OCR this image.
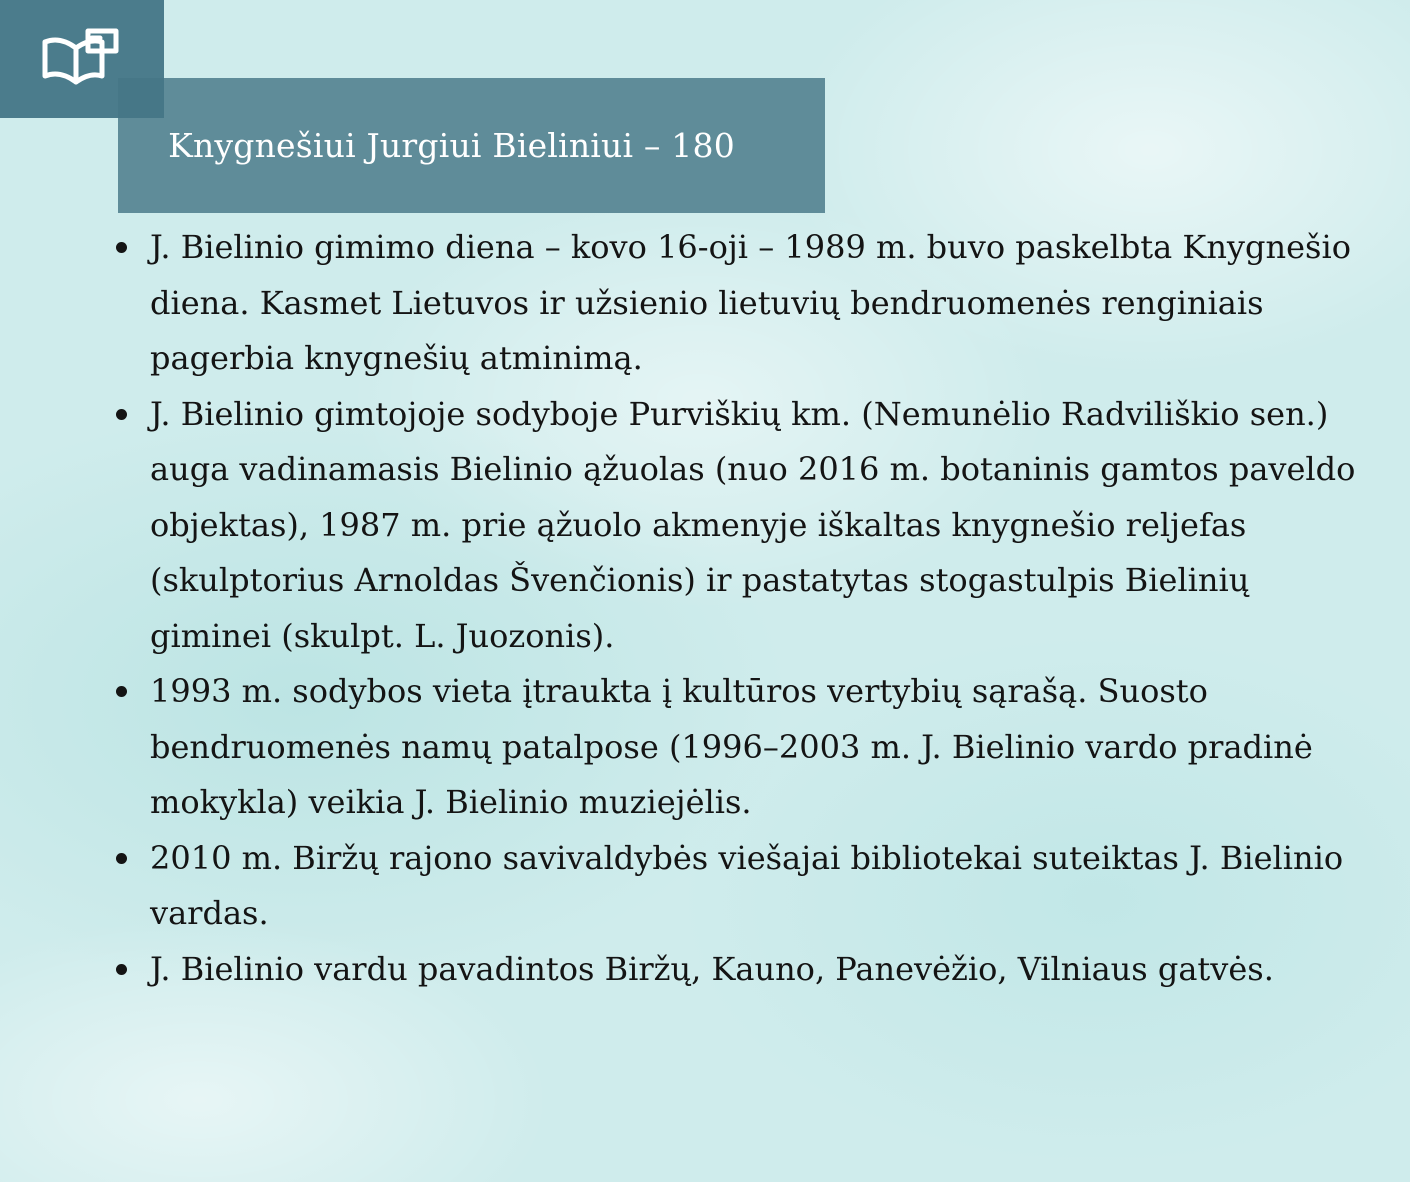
Knygnešiui Jurgiui Bieliniui – 180
J. Bielinio gimimo diena – kovo 16-oji – 1989 m. buvo paskelbta Knygnešio diena. Kasmet Lietuvos ir užsienio lietuvių bendruomenės renginiais pagerbia knygnešių atminimą.
J. Bielinio gimtojoje sodyboje Purviškių km. (Nemunėlio Radviliškio sen.) auga vadinamasis Bielinio ąžuolas (nuo 2016 m. botaninis gamtos paveldo objektas), 1987 m. prie ąžuolo akmenyje iškaltas knygnešio reljefas (skulptorius Arnoldas Švenčionis) ir pastatytas stogastulpis Bielinių giminei (skulpt. L. Juozonis).
1993 m. sodybos vieta įtraukta į kultūros vertybių sąrašą. Suosto bendruomenės namų patalpose (1996–2003 m. J. Bielinio vardo pradinė mokykla) veikia J. Bielinio muziejėlis.
2010 m. Biržų rajono savivaldybės viešajai bibliotekai suteiktas J. Bielinio vardas.
J. Bielinio vardu pavadintos Biržų, Kauno, Panevėžio, Vilniaus gatvės.
